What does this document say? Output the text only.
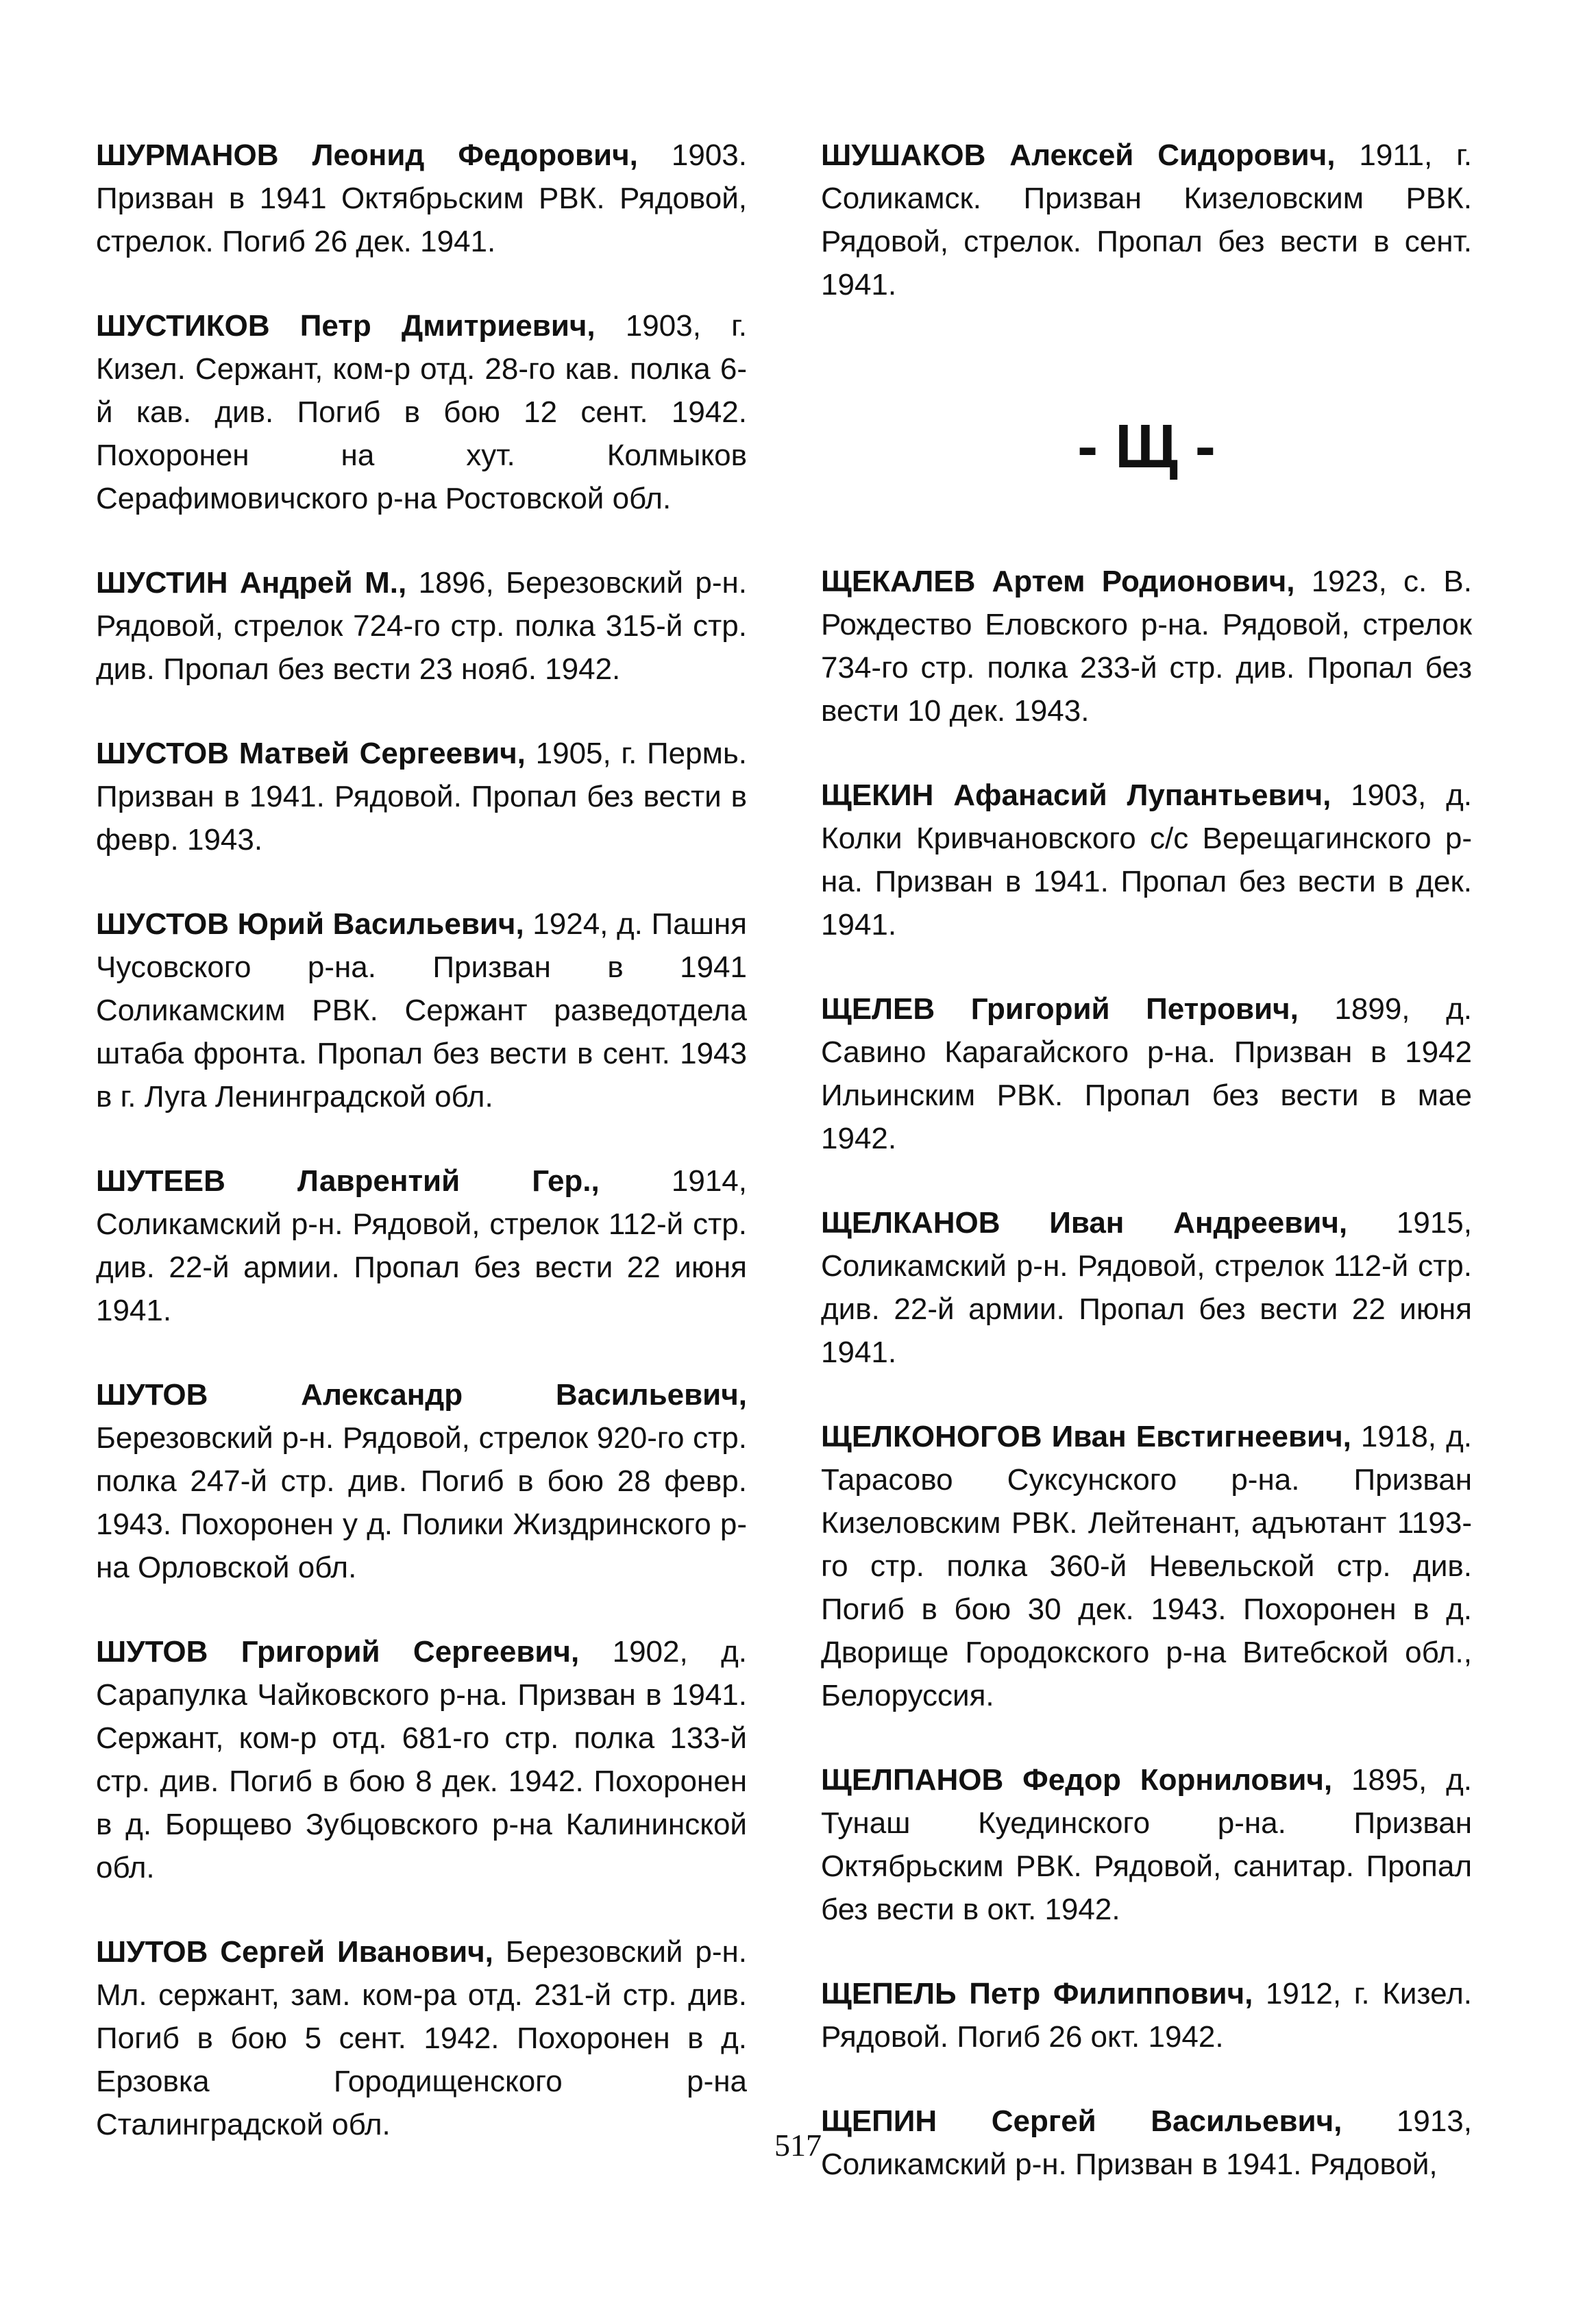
ШУРМАНОВ Леонид Федорович, 1903. Призван в 1941 Октябрьским РВК. Рядовой, стрелок. Погиб 26 дек. 1941.

ШУСТИКОВ Петр Дмитриевич, 1903, г. Кизел. Сержант, ком-р отд. 28-го кав. полка 6-й кав. див. Погиб в бою 12 сент. 1942. Похоронен на хут. Колмыков Серафимовичского р-на Ростовской обл.

ШУСТИН Андрей М., 1896, Березовский р-н. Рядовой, стрелок 724-го стр. полка 315-й стр. див. Пропал без вести 23 нояб. 1942.

ШУСТОВ Матвей Сергеевич, 1905, г. Пермь. Призван в 1941. Рядовой. Пропал без вести в февр. 1943.

ШУСТОВ Юрий Васильевич, 1924, д. Пашня Чусовского р-на. Призван в 1941 Соликамским РВК. Сержант разведотдела штаба фронта. Пропал без вести в сент. 1943 в г. Луга Ленинградской обл.

ШУТЕЕВ Лаврентий Гер., 1914, Соликамский р-н. Рядовой, стрелок 112-й стр. див. 22-й армии. Пропал без вести 22 июня 1941.

ШУТОВ Александр Васильевич, Березовский р-н. Рядовой, стрелок 920-го стр. полка 247-й стр. див. Погиб в бою 28 февр. 1943. Похоронен у д. Полики Жиздринского р-на Орловской обл.

ШУТОВ Григорий Сергеевич, 1902, д. Сарапулка Чайковского р-на. Призван в 1941. Сержант, ком-р отд. 681-го стр. полка 133-й стр. див. Погиб в бою 8 дек. 1942. Похоронен в д. Борщево Зубцовского р-на Калининской обл.

ШУТОВ Сергей Иванович, Березовский р-н. Мл. сержант, зам. ком-ра отд. 231-й стр. див. Погиб в бою 5 сент. 1942. Похоронен в д. Ерзовка Городищенского р-на Сталинградской обл.

ШУШАКОВ Алексей Сидорович, 1911, г. Соликамск. Призван Кизеловским РВК. Рядовой, стрелок. Пропал без вести в сент. 1941.

- Щ -

ЩЕКАЛЕВ Артем Родионович, 1923, с. В. Рождество Еловского р-на. Рядовой, стрелок 734-го стр. полка 233-й стр. див. Пропал без вести 10 дек. 1943.

ЩЕКИН Афанасий Лупантьевич, 1903, д. Колки Кривчановского с/с Верещагинского р-на. Призван в 1941. Пропал без вести в дек. 1941.

ЩЕЛЕВ Григорий Петрович, 1899, д. Савино Карагайского р-на. Призван в 1942 Ильинским РВК. Пропал без вести в мае 1942.

ЩЕЛКАНОВ Иван Андреевич, 1915, Соликамский р-н. Рядовой, стрелок 112-й стр. див. 22-й армии. Пропал без вести 22 июня 1941.

ЩЕЛКОНОГОВ Иван Евстигнеевич, 1918, д. Тарасово Суксунского р-на. Призван Кизеловским РВК. Лейтенант, адъютант 1193-го стр. полка 360-й Невельской стр. див. Погиб в бою 30 дек. 1943. Похоронен в д. Дворище Городокского р-на Витебской обл., Белоруссия.

ЩЕЛПАНОВ Федор Корнилович, 1895, д. Тунаш Куединского р-на. Призван Октябрьским РВК. Рядовой, санитар. Пропал без вести в окт. 1942.

ЩЕПЕЛЬ Петр Филиппович, 1912, г. Кизел. Рядовой. Погиб 26 окт. 1942.

ЩЕПИН Сергей Васильевич, 1913, Соликамский р-н. Призван в 1941. Рядовой,

517
